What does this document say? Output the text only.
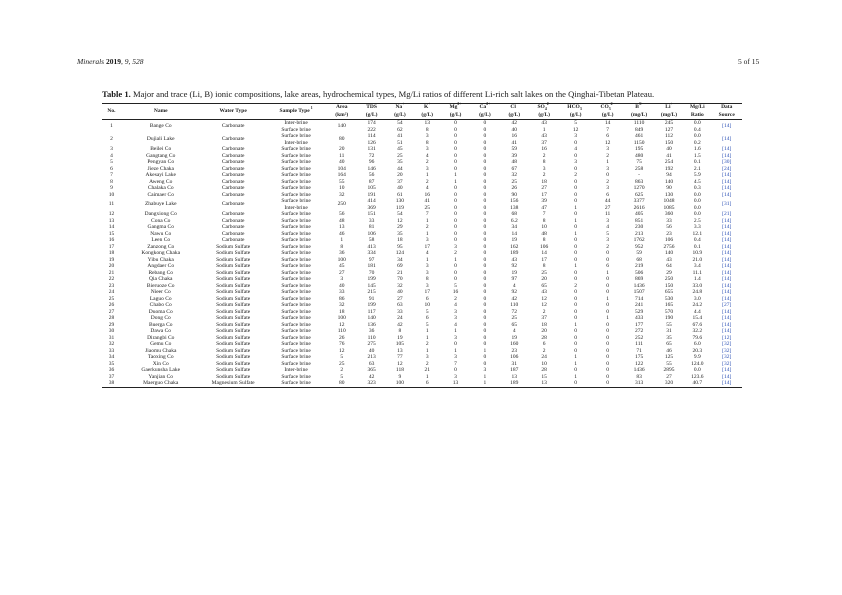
Minerals 2019, 9, 528	5 of 15
Table 1. Major and trace (Li, B) ionic compositions, lake areas, hydrochemical types, Mg/Li ratios of different Li-rich salt lakes on the Qinghai-Tibetan Plateau.
No.	Name	Water Type	Sample Type $^1$	Area	TDS	Na+	K+	$Mg^{2+}$	$Ca^{2+}$	Cl−	$SO_4^{2-}$	$HCO_3^-$	$CO_3^{2-}$	$B^{3+}$	Li+	Mg/Li	Data
				(km²)	(g/L)	(g/L)	(g/L)	(g/L)	(g/L)	(g/L)	(g/L)	(g/L)	(g/L)	(mg/L)	(mg/L)	Ratio	Source
1	Bange Co	Carbonate	Inter-brine	140	174	54	13	0	0	42	43	5	14	1110	245	0.0	[14]
			Surface brine		222	62	8	0	0	40	1	12	7	849	127	0.4	
2	Dujiali Lake	Carbonate	Surface brine	80	114	41	3	0	0	16	43	3	6	461	112	0.0	[14]
			Inter-brine		126	51	8	0	0	41	37	0	12	1150	150	0.2	
3	Beilei Co	Carbonate	Surface brine	20	131	45	3	0	0	59	16	4	3	195	40	1.6	[14]
4	Gangtang Co	Carbonate	Surface brine	11	72	25	4	0	0	39	2	0	2	480	41	1.5	[14]
5	Pengyan Co	Carbonate	Surface brine	40	96	35	2	0	0	48	8	3	1	75	254	0.1	[30]
6	Jieze Chaka	Carbonate	Surface brine	104	146	44	3	0	0	67	3	0	3	258	192	2.1	[24]
7	Akesayi Lake	Carbonate	Surface brine	164	56	20	1	1	0	32	2	2	0	-	94	5.9	[14]
8	Aweng Co	Carbonate	Surface brine	55	87	37	2	1	0	25	18	0	2	863	140	4.5	[14]
9	Chalaka Co	Carbonate	Surface brine	10	105	40	4	0	0	26	27	0	3	1270	90	0.3	[14]
10	Caimaer Co	Carbonate	Surface brine	32	191	61	16	0	0	90	17	0	6	625	130	0.0	[14]
11	Zhabuye Lake	Carbonate	Surface brine	250	414	130	41	0	0	156	39	0	44	3377	1048	0.0	[31]
			Inter-brine		369	119	25	0	0	138	47	1	27	2616	1085	0.0	
12	Dangxiong Co	Carbonate	Surface brine	56	151	54	7	0	0	68	7	0	11	405	360	0.0	[21]
13	Cona Co	Carbonate	Surface brine	48	33	12	1	0	0	6.2	8	1	3	851	33	2.5	[14]
14	Gangma Co	Carbonate	Surface brine	13	81	29	2	0	0	34	10	0	4	230	56	3.3	[14]
15	Nawu Co	Carbonate	Surface brine	46	106	35	1	0	0	14	48	1	5	213	23	12.1	[14]
16	Leen Co	Carbonate	Surface brine	1	58	18	3	0	0	19	8	0	3	1762	106	0.4	[14]
17	Zanzong Co	Sodium Sulfate	Surface brine	8	413	95	17	3	0	162	106	0	2	952	2756	0.1	[14]
18	Kongkong Chaka	Sodium Sulfate	Surface brine	36	334	124	4	2	0	189	14	0	0	59	140	10.9	[14]
19	Yibu Chaka	Sodium Sulfate	Surface brine	100	97	34	1	1	0	43	17	0	0	68	43	21.0	[14]
20	Angdaer Co	Sodium Sulfate	Surface brine	45	181	69	3	0	0	92	8	1	6	219	64	3.4	[14]
21	Rebang Co	Sodium Sulfate	Surface brine	27	70	21	3	0	0	19	25	0	1	506	29	11.1	[14]
22	Qia Chaka	Sodium Sulfate	Surface brine	3	199	70	8	0	0	97	20	0	0	869	250	1.4	[14]
23	Bieruoze Co	Sodium Sulfate	Surface brine	40	145	32	3	5	0	4	65	2	0	1436	150	33.0	[14]
24	Nieer Co	Sodium Sulfate	Surface brine	33	215	40	17	16	0	92	43	0	0	1507	655	24.8	[14]
25	Laguo Co	Sodium Sulfate	Surface brine	86	91	27	6	2	0	42	12	0	1	714	530	3.0	[14]
26	Chabo Co	Sodium Sulfate	Surface brine	32	199	63	10	4	0	110	12	0	0	241	165	24.2	[27]
27	Duoma Co	Sodium Sulfate	Surface brine	18	117	33	5	3	0	72	2	0	0	529	570	4.4	[14]
28	Dong Co	Sodium Sulfate	Surface brine	100	140	24	6	3	0	25	37	0	1	433	190	15.4	[14]
29	Buerga Co	Sodium Sulfate	Surface brine	12	136	42	5	4	0	65	18	1	0	177	55	67.6	[14]
30	Dawa Co	Sodium Sulfate	Surface brine	110	36	8	1	1	0	4	20	0	0	272	31	32.2	[14]
31	Dirangbi Co	Sodium Sulfate	Surface brine	26	110	19	1	3	0	19	28	0	0	252	35	79.6	[12]
32	Gemu Co	Sodium Sulfate	Surface brine	76	275	105	2	0	0	160	6	0	0	111	65	6.0	[32]
33	Jiaomu Chaka	Sodium Sulfate	Surface brine	12	40	13	1	1	1	23	2	0	0	71	46	20.3	[32]
34	Taoxing Co	Sodium Sulfate	Surface brine	5	213	77	3	3	0	106	24	1	0	175	125	9.9	[32]
35	Xin Co	Sodium Sulfate	Surface brine	25	63	12	2	7	0	31	10	1	0	122	55	124.0	[32]
36	Gaerkunsha Lake	Sodium Sulfate	Inter-brine	2	365	118	21	0	3	187	28	0	0	1436	2895	0.0	[14]
37	Yanjian Co	Sodium Sulfate	Surface brine	5	42	9	1	3	1	13	15	1	0	83	27	123.6	[14]
38	Maerguo Chaka	Magnesium Sulfate	Surface brine	80	323	100	6	13	1	189	13	0	0	313	320	40.7	[14]
